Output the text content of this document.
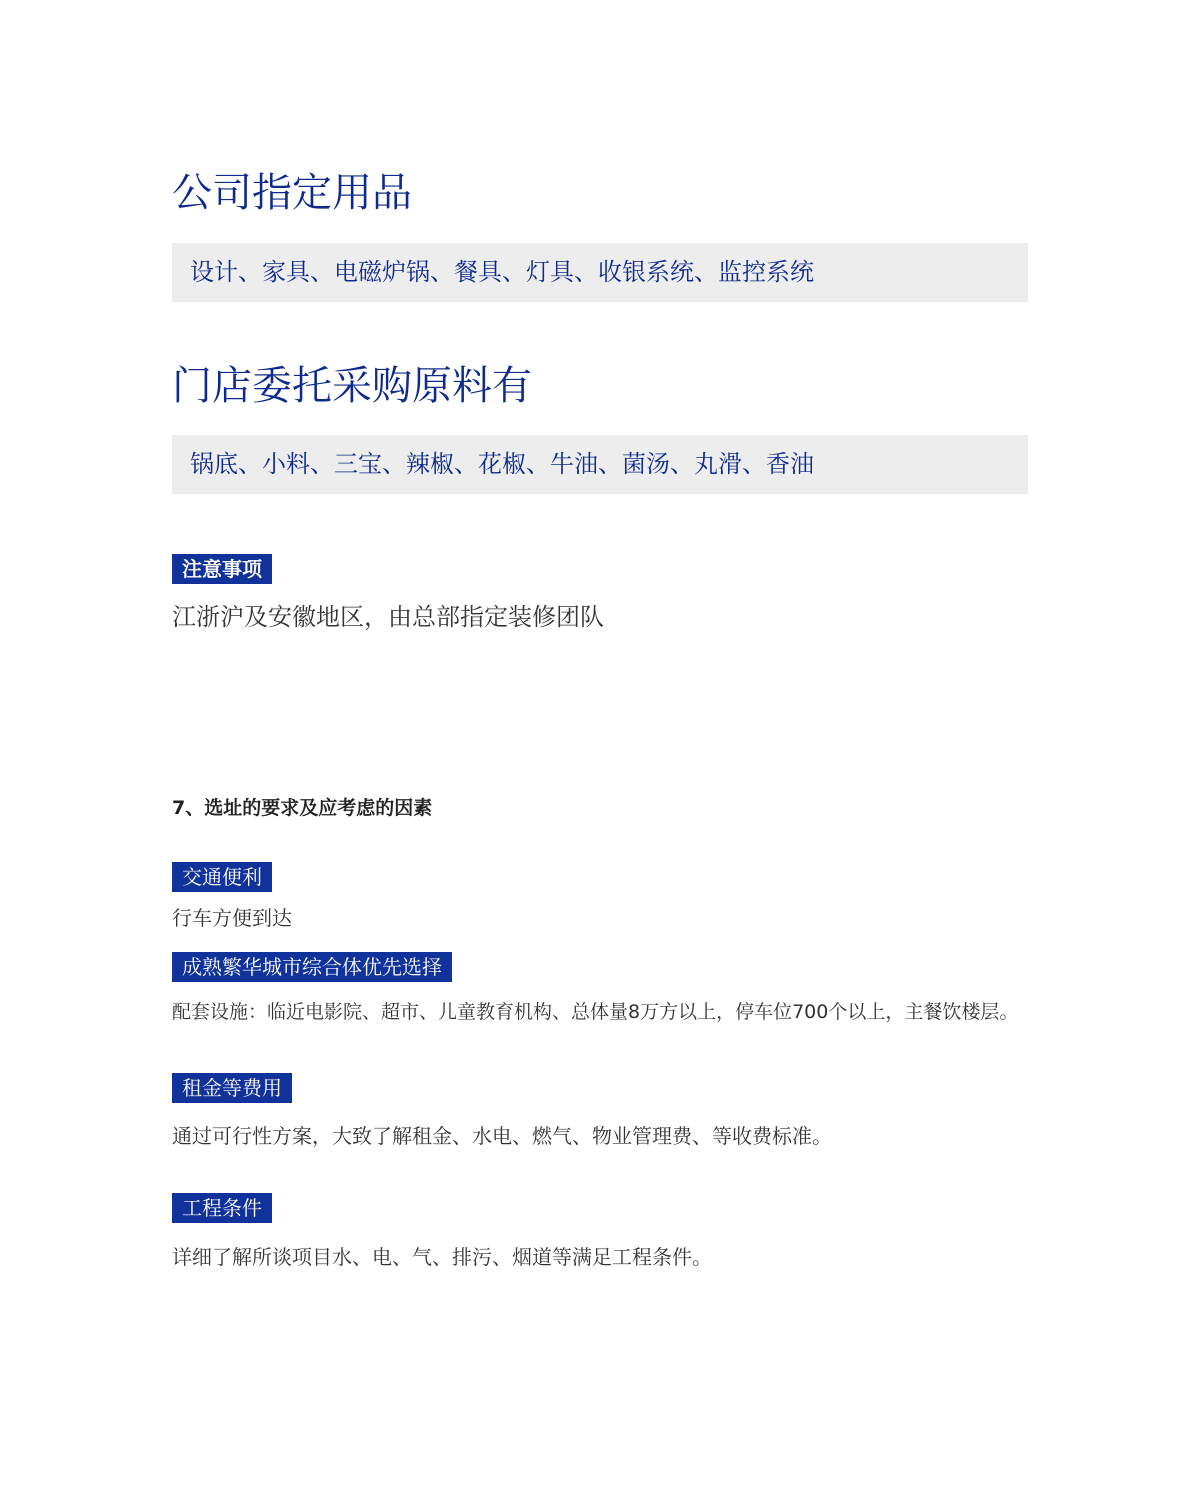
公司指定用品
设计、家具、电磁炉锅、餐具、灯具、收银系统、监控系统
门店委托采购原料有
锅底、小料、三宝、辣椒、花椒、牛油、菌汤、丸滑、香油
注意事项
江浙沪及安徽地区，由总部指定装修团队
7、选址的要求及应考虑的因素
交通便利
行车方便到达
成熟繁华城市综合体优先选择
配套设施：临近电影院、超市、儿童教育机构、总体量8万方以上，停车位700个以上，主餐饮楼层。
租金等费用
通过可行性方案，大致了解租金、水电、燃气、物业管理费、等收费标准。
工程条件
详细了解所谈项目水、电、气、排污、烟道等满足工程条件。
